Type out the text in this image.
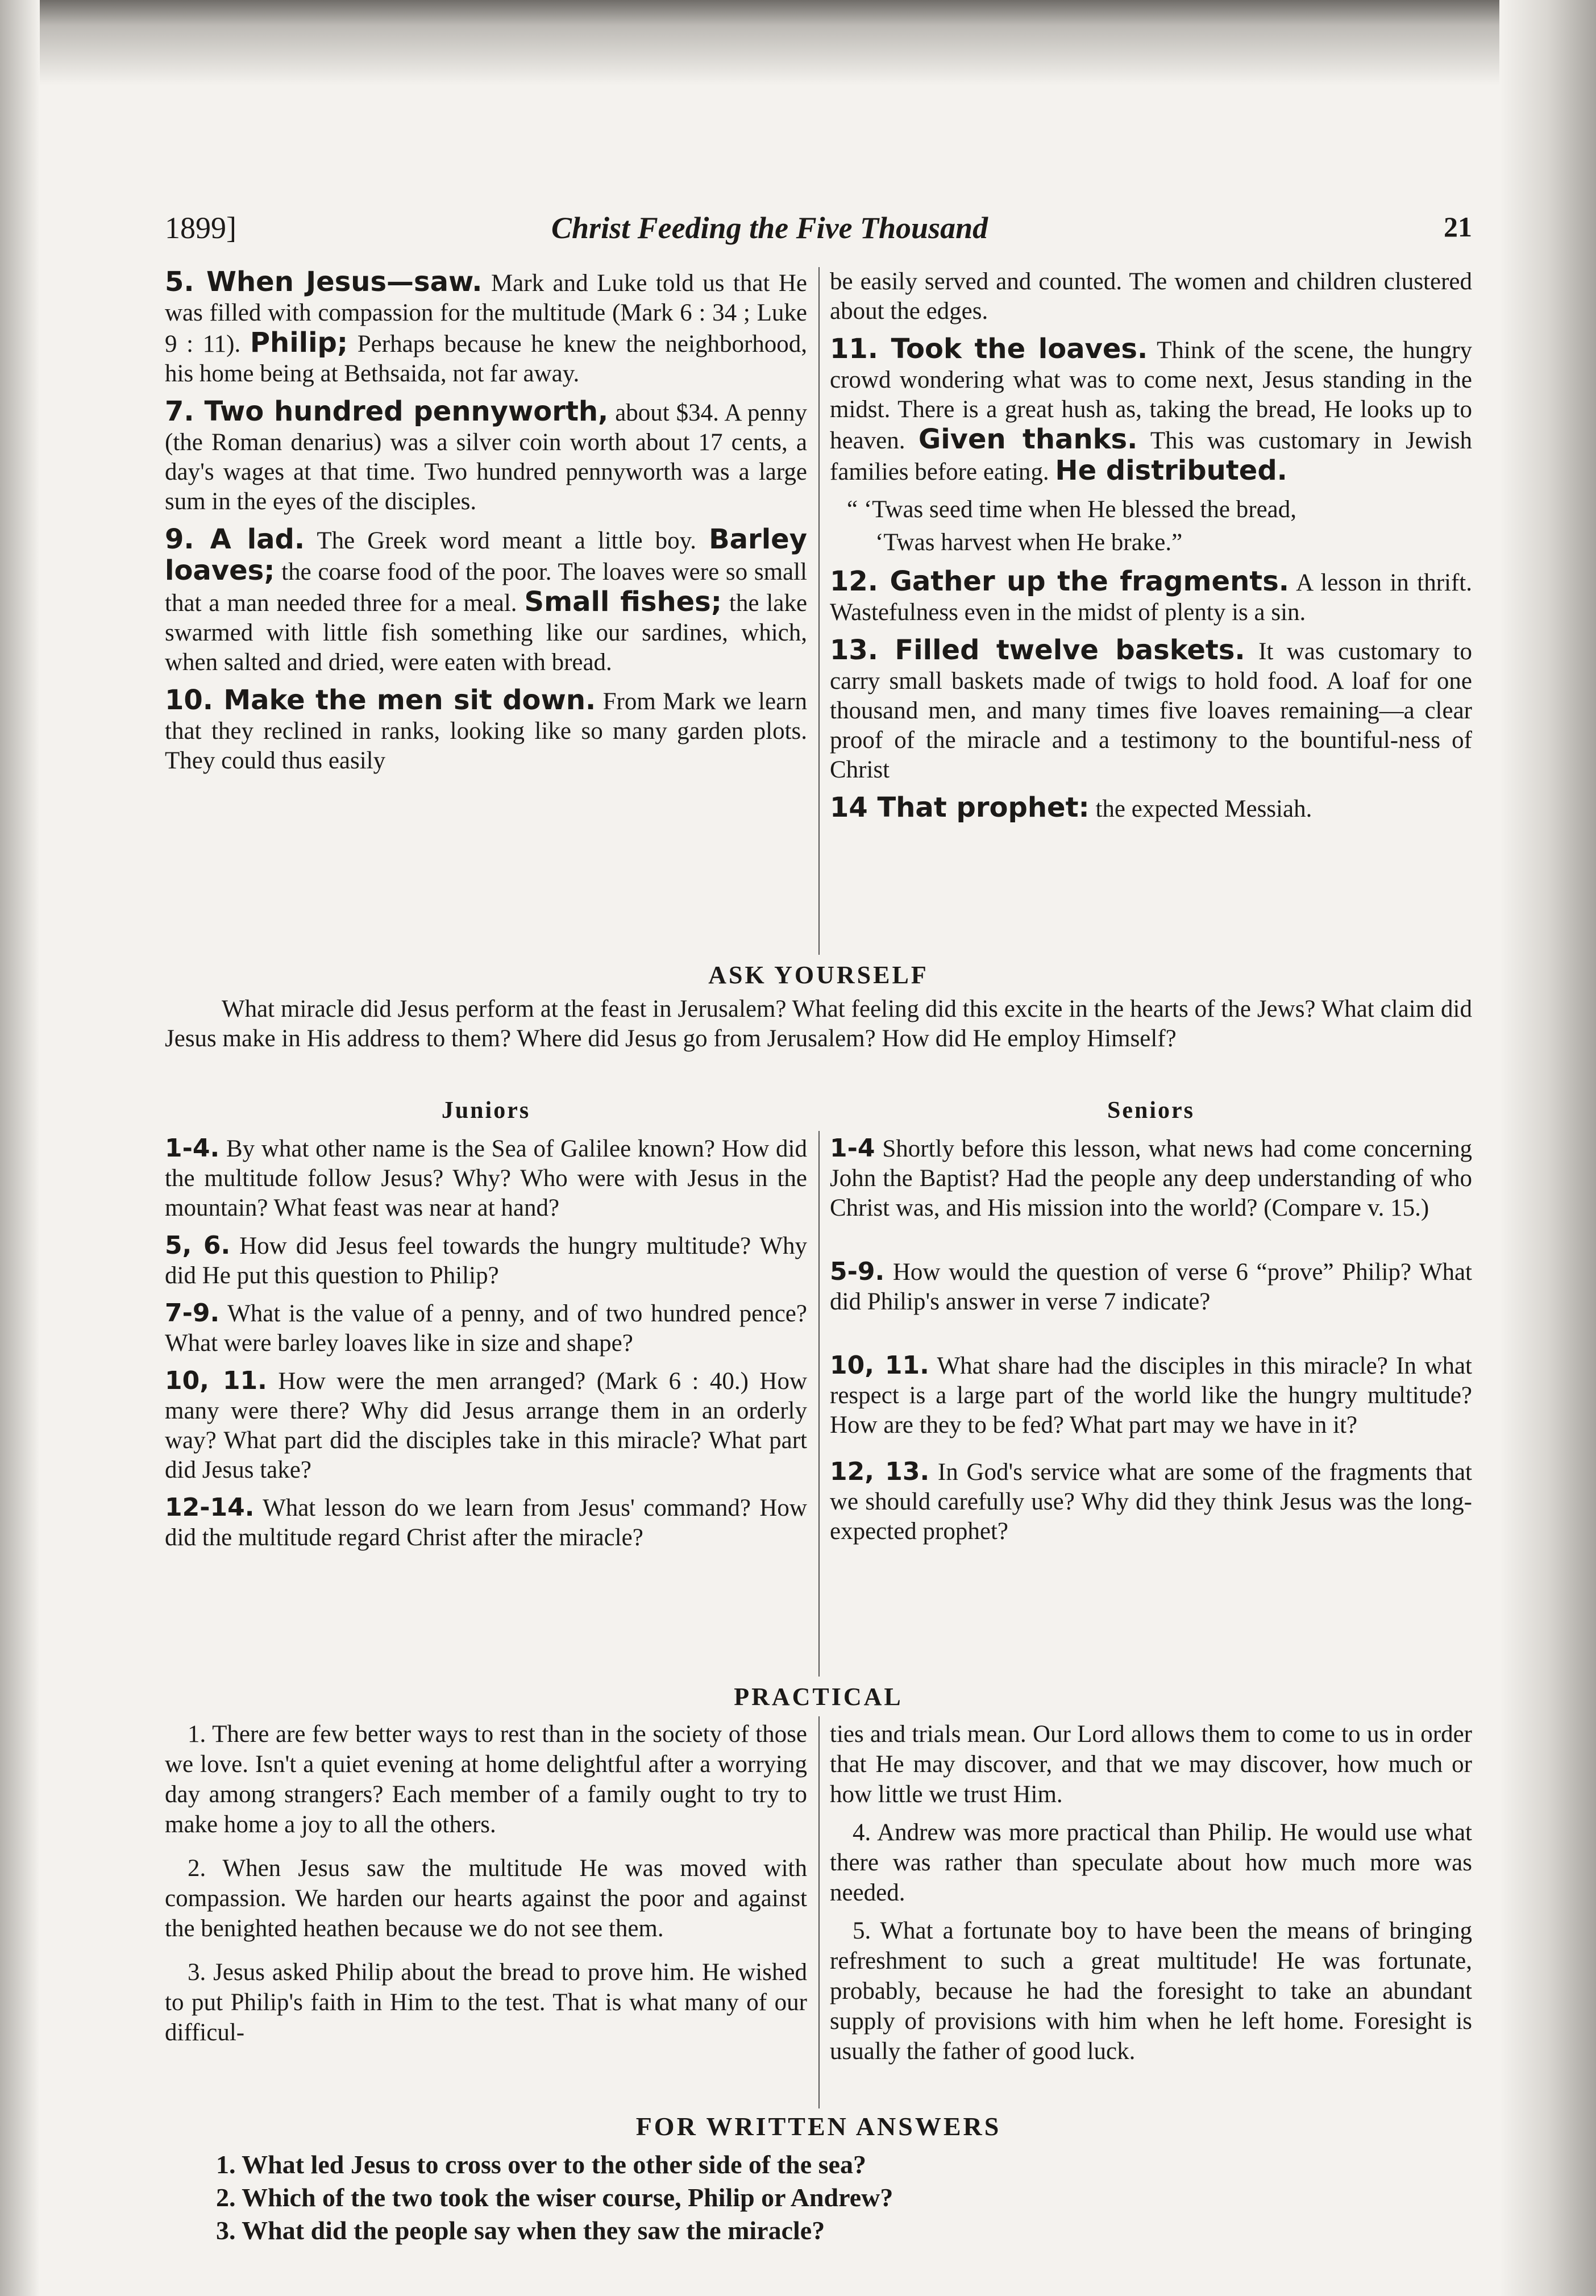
1899]	Christ Feeding the Five Thousand	21

5. When Jesus—saw. Mark and Luke told us that He was filled with compassion for the multitude (Mark 6 : 34 ; Luke 9 : 11). Philip; Perhaps because he knew the neighborhood, his home being at Bethsaida, not far away.

7. Two hundred pennyworth, about $34. A penny (the Roman denarius) was a silver coin worth about 17 cents, a day's wages at that time. Two hundred pennyworth was a large sum in the eyes of the disciples.

9. A lad. The Greek word meant a little boy. Barley loaves; the coarse food of the poor. The loaves were so small that a man needed three for a meal. Small fishes; the lake swarmed with little fish something like our sardines, which, when salted and dried, were eaten with bread.

10. Make the men sit down. From Mark we learn that they reclined in ranks, looking like so many garden plots. They could thus easily

be easily served and counted. The women and children clustered about the edges.

11. Took the loaves. Think of the scene, the hungry crowd wondering what was to come next, Jesus standing in the midst. There is a great hush as, taking the bread, He looks up to heaven. Given thanks. This was customary in Jewish families before eating. He distributed.

“ ‘Twas seed time when He blessed the bread,

‘Twas harvest when He brake.”

12. Gather up the fragments. A lesson in thrift. Wastefulness even in the midst of plenty is a sin.

13. Filled twelve baskets. It was customary to carry small baskets made of twigs to hold food. A loaf for one thousand men, and many times five loaves remaining—a clear proof of the miracle and a testimony to the bountiful-ness of Christ

14 That prophet: the expected Messiah.

ASK YOURSELF
What miracle did Jesus perform at the feast in Jerusalem? What feeling did this excite in the hearts of the Jews? What claim did Jesus make in His address to them? Where did Jesus go from Jerusalem? How did He employ Himself?
Juniors	Seniors

1-4. By what other name is the Sea of Galilee known? How did the multitude follow Jesus? Why? Who were with Jesus in the mountain? What feast was near at hand?

5, 6. How did Jesus feel towards the hungry multitude? Why did He put this question to Philip?

7-9. What is the value of a penny, and of two hundred pence? What were barley loaves like in size and shape?

10, 11. How were the men arranged? (Mark 6 : 40.) How many were there? Why did Jesus arrange them in an orderly way? What part did the disciples take in this miracle? What part did Jesus take?

12-14. What lesson do we learn from Jesus' command? How did the multitude regard Christ after the miracle?

1-4 Shortly before this lesson, what news had come concerning John the Baptist? Had the people any deep understanding of who Christ was, and His mission into the world? (Compare v. 15.)

5-9. How would the question of verse 6 “prove” Philip? What did Philip's answer in verse 7 indicate?

10, 11. What share had the disciples in this miracle? In what respect is a large part of the world like the hungry multitude? How are they to be fed? What part may we have in it?

12, 13. In God's service what are some of the fragments that we should carefully use? Why did they think Jesus was the long-expected prophet?

PRACTICAL

1. There are few better ways to rest than in the society of those we love. Isn't a quiet evening at home delightful after a worrying day among strangers? Each member of a family ought to try to make home a joy to all the others.

2. When Jesus saw the multitude He was moved with compassion. We harden our hearts against the poor and against the benighted heathen because we do not see them.

3. Jesus asked Philip about the bread to prove him. He wished to put Philip's faith in Him to the test. That is what many of our difficul-

ties and trials mean. Our Lord allows them to come to us in order that He may discover, and that we may discover, how much or how little we trust Him.

4. Andrew was more practical than Philip. He would use what there was rather than speculate about how much more was needed.

5. What a fortunate boy to have been the means of bringing refreshment to such a great multitude! He was fortunate, probably, because he had the foresight to take an abundant supply of provisions with him when he left home. Foresight is usually the father of good luck.

FOR WRITTEN ANSWERS
1. What led Jesus to cross over to the other side of the sea?
2. Which of the two took the wiser course, Philip or Andrew?
3. What did the people say when they saw the miracle?
